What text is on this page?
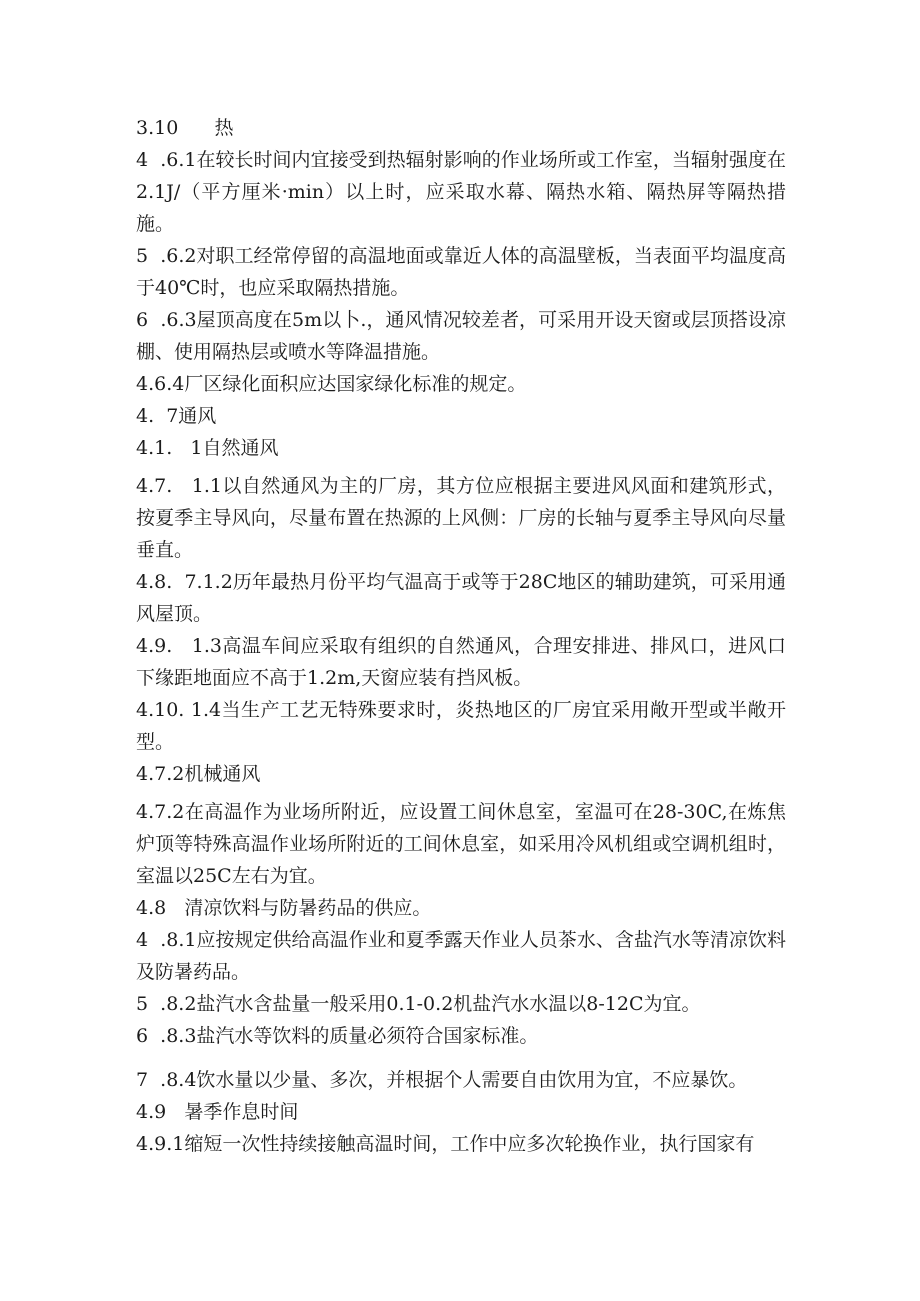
3.10      热

4  .6.1在较长时间内宜接受到热辐射影响的作业场所或工作室，当辐射强度在2.1J/（平方厘米·min）以上时，应采取水幕、隔热水箱、隔热屏等隔热措施。

5  .6.2对职工经常停留的高温地面或靠近人体的高温壁板，当表面平均温度高于40℃时，也应采取隔热措施。

6  .6.3屋顶高度在5m以卜.，通风情况较差者，可采用开设天窗或层顶搭设凉棚、使用隔热层或喷水等降温措施。

4.6.4厂区绿化面积应达国家绿化标准的规定。

4.  7通风

4.1.   1自然通风

4.7.   1.1以自然通风为主的厂房，其方位应根据主要进风风面和建筑形式，按夏季主导风向，尽量布置在热源的上风侧：厂房的长轴与夏季主导风向尽量垂直。

4.8.  7.1.2历年最热月份平均气温高于或等于28C地区的辅助建筑，可采用通风屋顶。

4.9.   1.3高温车间应采取有组织的自然通风，合理安排进、排风口，进风口下缘距地面应不高于1.2m,天窗应装有挡风板。

4.10. 1.4当生产工艺无特殊要求时，炎热地区的厂房宜采用敞开型或半敞开型。

4.7.2机械通风

4.7.2在高温作为业场所附近，应设置工间休息室，室温可在28-30C,在炼焦炉顶等特殊高温作业场所附近的工间休息室，如采用冷风机组或空调机组时，室温以25C左右为宜。

4.8   清凉饮料与防暑药品的供应。

4  .8.1应按规定供给高温作业和夏季露天作业人员茶水、含盐汽水等清凉饮料及防暑药品。

5  .8.2盐汽水含盐量一般采用0.1-0.2机盐汽水水温以8-12C为宜。

6  .8.3盐汽水等饮料的质量必须符合国家标准。

7  .8.4饮水量以少量、多次，并根据个人需要自由饮用为宜，不应暴饮。

4.9   暑季作息时间

4.9.1缩短一次性持续接触高温时间，工作中应多次轮换作业，执行国家有
